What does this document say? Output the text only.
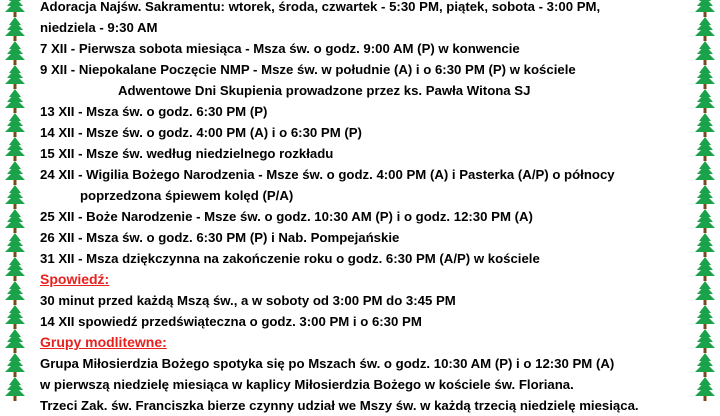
Adoracja Najśw. Sakramentu: wtorek, środa, czwartek - 5:30 PM, piątek, sobota - 3:00 PM,
niedziela - 9:30 AM
7 XII - Pierwsza sobota miesiąca - Msza św. o godz. 9:00 AM (P) w konwencie
9 XII - Niepokalane Poczęcie NMP - Msze św. w południe (A) i o 6:30 PM (P) w kościele
Adwentowe Dni Skupienia prowadzone przez ks. Pawła Witona SJ
13 XII - Msza św. o godz. 6:30 PM (P)
14 XII - Msze św. o godz. 4:00 PM (A) i o 6:30 PM (P)
15 XII - Msze św. według niedzielnego rozkładu
24 XII - Wigilia Bożego Narodzenia - Msze św. o godz. 4:00 PM (A) i Pasterka (A/P) o północy
poprzedzona śpiewem kolęd (P/A)
25 XII - Boże Narodzenie - Msze św. o godz. 10:30 AM (P) i o godz. 12:30 PM (A)
26 XII - Msza św. o godz. 6:30 PM (P) i Nab. Pompejańskie
31 XII - Msza dziękczynna na zakończenie roku o godz. 6:30 PM (A/P) w kościele
Spowiedź:
30 minut przed każdą Mszą św., a w soboty od 3:00 PM do 3:45 PM
14 XII spowiedź przedświąteczna o godz. 3:00 PM i o 6:30 PM
Grupy modlitewne:
Grupa Miłosierdzia Bożego spotyka się po Mszach św. o godz. 10:30 AM (P) i o 12:30 PM (A)
w pierwszą niedzielę miesiąca w kaplicy Miłosierdzia Bożego w kościele św. Floriana.
Trzeci Zak. św. Franciszka bierze czynny udział we Mszy św. w każdą trzecią niedzielę miesiąca.
